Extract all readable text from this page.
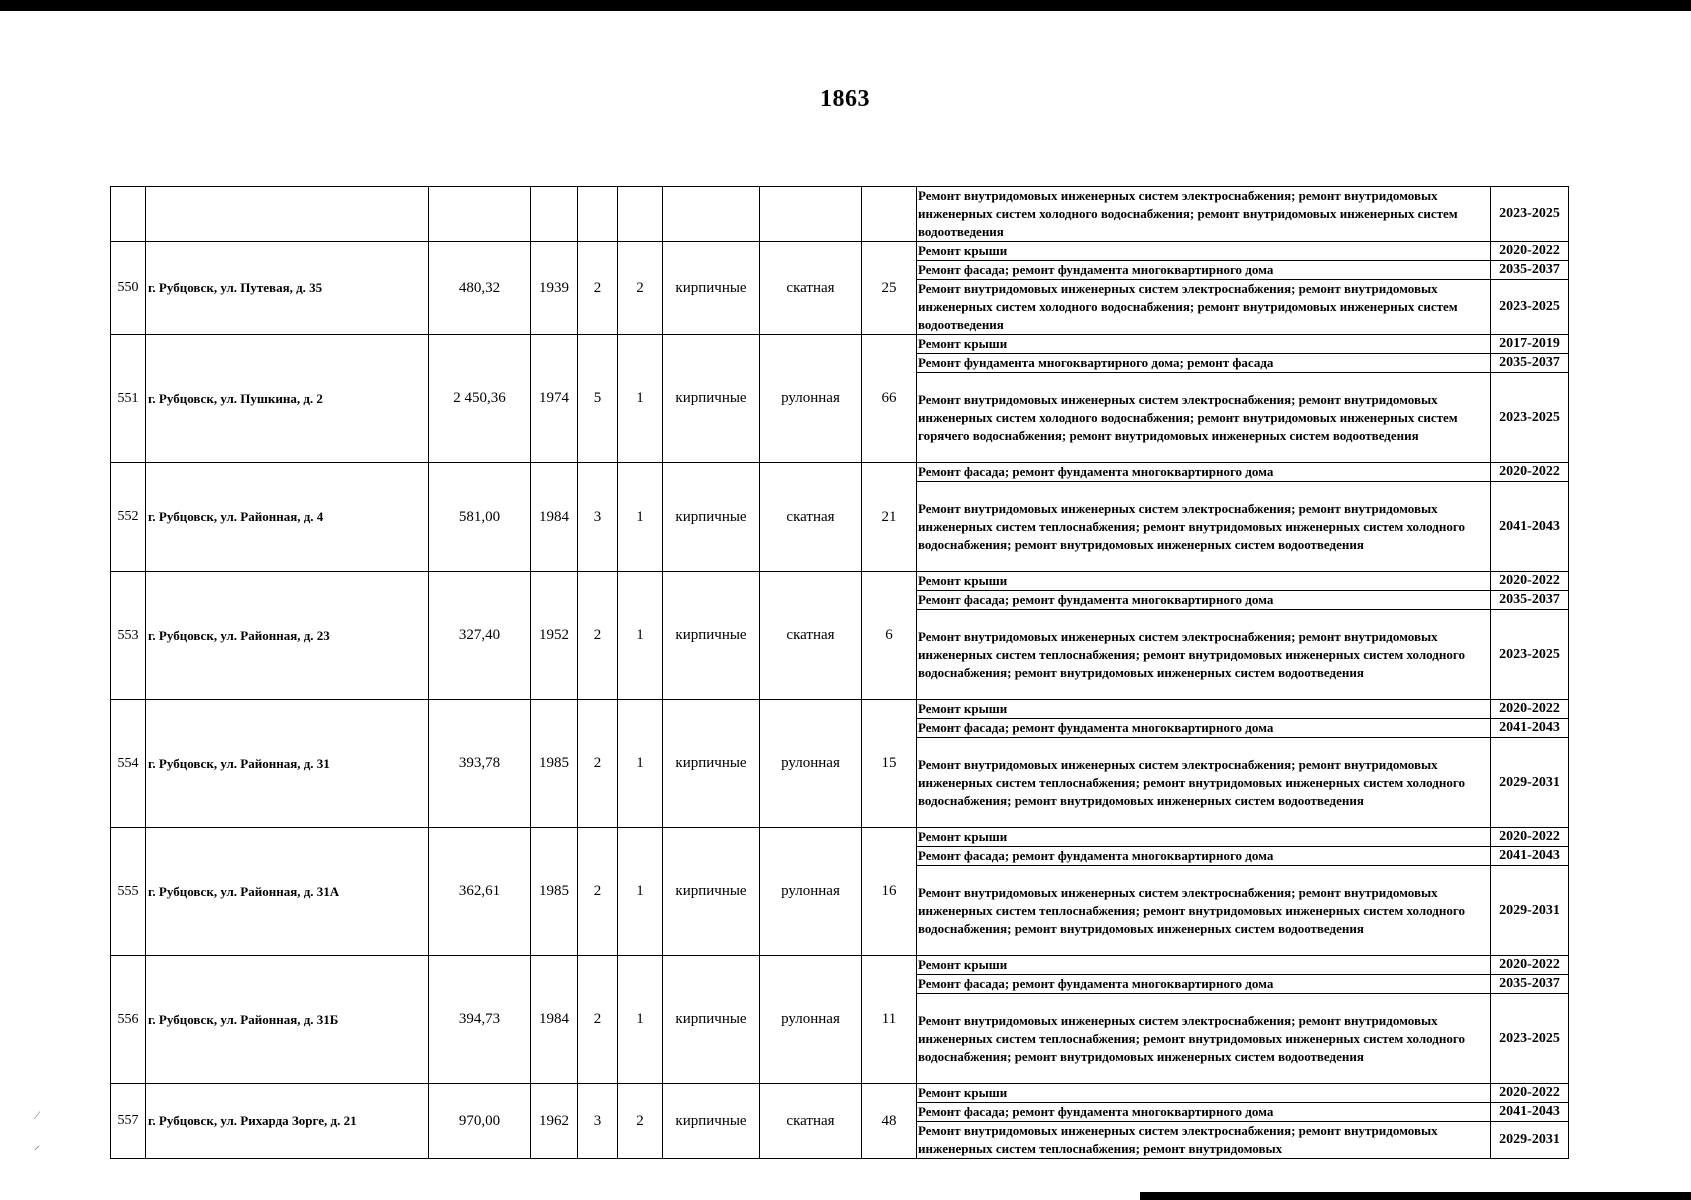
1863
									Ремонт внутридомовых инженерных систем электроснабжения; ремонт внутридомовых инженерных систем холодного водоснабжения; ремонт внутридомовых инженерных систем водоотведения	2023-2025
550	г. Рубцовск, ул. Путевая, д. 35	480,32	1939	2	2	кирпичные	скатная	25	Ремонт крыши	2020-2022
									Ремонт фасада; ремонт фундамента многоквартирного дома	2035-2037
									Ремонт внутридомовых инженерных систем электроснабжения; ремонт внутридомовых инженерных систем холодного водоснабжения; ремонт внутридомовых инженерных систем водоотведения	2023-2025
551	г. Рубцовск, ул. Пушкина, д. 2	2 450,36	1974	5	1	кирпичные	рулонная	66	Ремонт крыши	2017-2019
									Ремонт фундамента многоквартирного дома; ремонт фасада	2035-2037
									Ремонт внутридомовых инженерных систем электроснабжения; ремонт внутридомовых инженерных систем холодного водоснабжения; ремонт внутридомовых инженерных систем горячего водоснабжения; ремонт внутридомовых инженерных систем водоотведения	2023-2025
552	г. Рубцовск, ул. Районная, д. 4	581,00	1984	3	1	кирпичные	скатная	21	Ремонт фасада; ремонт фундамента многоквартирного дома	2020-2022
									Ремонт внутридомовых инженерных систем электроснабжения; ремонт внутридомовых инженерных систем теплоснабжения; ремонт внутридомовых инженерных систем холодного водоснабжения; ремонт внутридомовых инженерных систем водоотведения	2041-2043
553	г. Рубцовск, ул. Районная, д. 23	327,40	1952	2	1	кирпичные	скатная	6	Ремонт крыши	2020-2022
									Ремонт фасада; ремонт фундамента многоквартирного дома	2035-2037
									Ремонт внутридомовых инженерных систем электроснабжения; ремонт внутридомовых инженерных систем теплоснабжения; ремонт внутридомовых инженерных систем холодного водоснабжения; ремонт внутридомовых инженерных систем водоотведения	2023-2025
554	г. Рубцовск, ул. Районная, д. 31	393,78	1985	2	1	кирпичные	рулонная	15	Ремонт крыши	2020-2022
									Ремонт фасада; ремонт фундамента многоквартирного дома	2041-2043
									Ремонт внутридомовых инженерных систем электроснабжения; ремонт внутридомовых инженерных систем теплоснабжения; ремонт внутридомовых инженерных систем холодного водоснабжения; ремонт внутридомовых инженерных систем водоотведения	2029-2031
555	г. Рубцовск, ул. Районная, д. 31А	362,61	1985	2	1	кирпичные	рулонная	16	Ремонт крыши	2020-2022
									Ремонт фасада; ремонт фундамента многоквартирного дома	2041-2043
									Ремонт внутридомовых инженерных систем электроснабжения; ремонт внутридомовых инженерных систем теплоснабжения; ремонт внутридомовых инженерных систем холодного водоснабжения; ремонт внутридомовых инженерных систем водоотведения	2029-2031
556	г. Рубцовск, ул. Районная, д. 31Б	394,73	1984	2	1	кирпичные	рулонная	11	Ремонт крыши	2020-2022
									Ремонт фасада; ремонт фундамента многоквартирного дома	2035-2037
									Ремонт внутридомовых инженерных систем электроснабжения; ремонт внутридомовых инженерных систем теплоснабжения; ремонт внутридомовых инженерных систем холодного водоснабжения; ремонт внутридомовых инженерных систем водоотведения	2023-2025
557	г. Рубцовск, ул. Рихарда Зорге, д. 21	970,00	1962	3	2	кирпичные	скатная	48	Ремонт крыши	2020-2022
									Ремонт фасада; ремонт фундамента многоквартирного дома	2041-2043
									Ремонт внутридомовых инженерных систем электроснабжения; ремонт внутридомовых инженерных систем теплоснабжения; ремонт внутридомовых	2029-2031
⁄
⸝
